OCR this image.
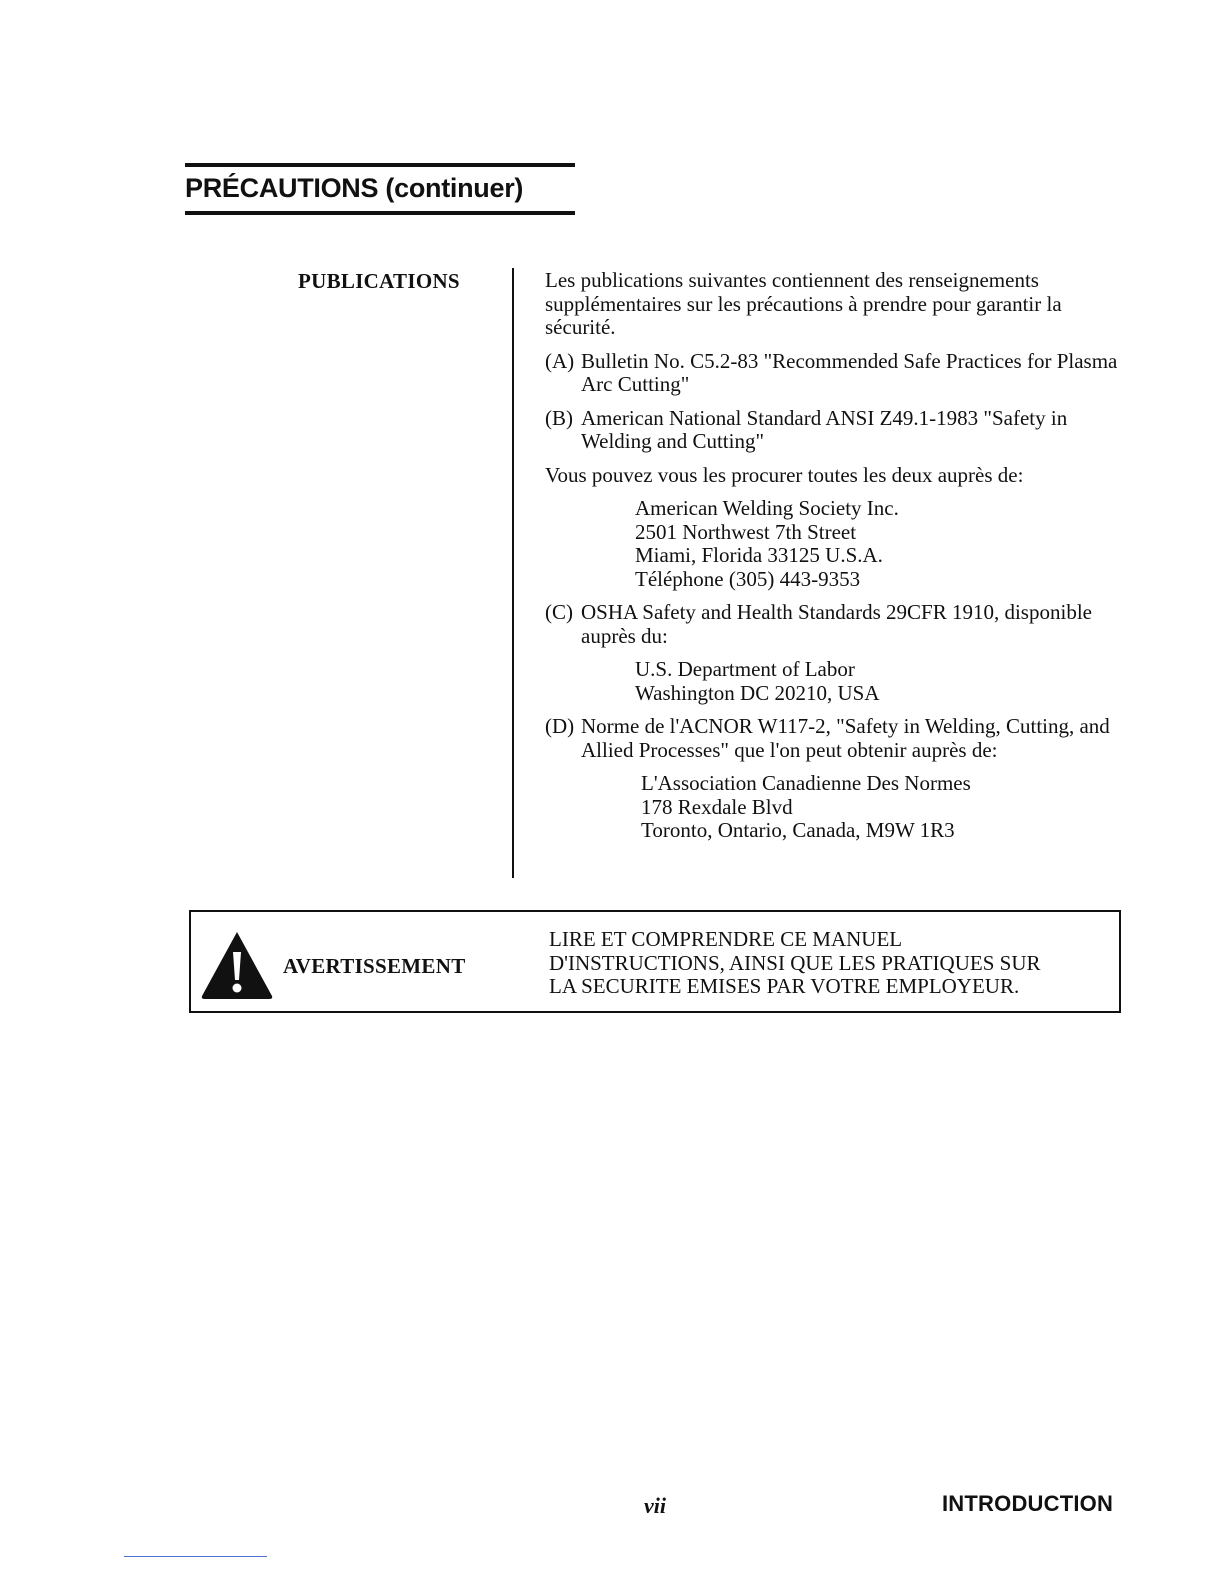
PRÉCAUTIONS (continuer)
PUBLICATIONS	Les publications suivantes contiennent des renseignements supplémentaires sur les précautions à prendre pour garantir la sécurité.

(A) Bulletin No. C5.2-83 "Recommended Safe Practices for Plasma Arc Cutting"
(B) American National Standard ANSI Z49.1-1983 "Safety in Welding and Cutting"

Vous pouvez vous les procurer toutes les deux auprès de:

American Welding Society Inc.
2501 Northwest 7th Street
Miami, Florida 33125 U.S.A.
Téléphone (305) 443-9353
(C) OSHA Safety and Health Standards 29CFR 1910, disponible auprès du:
U.S. Department of Labor
Washington DC 20210, USA
(D) Norme de l'ACNOR W117-2, "Safety in Welding, Cutting, and Allied Processes" que l'on peut obtenir auprès de:
L'Association Canadienne Des Normes
178 Rexdale Blvd
Toronto, Ontario, Canada, M9W 1R3
AVERTISSEMENT
LIRE ET COMPRENDRE CE MANUEL
D'INSTRUCTIONS, AINSI QUE LES PRATIQUES SUR
LA SECURITE EMISES PAR VOTRE EMPLOYEUR.
vii	INTRODUCTION
